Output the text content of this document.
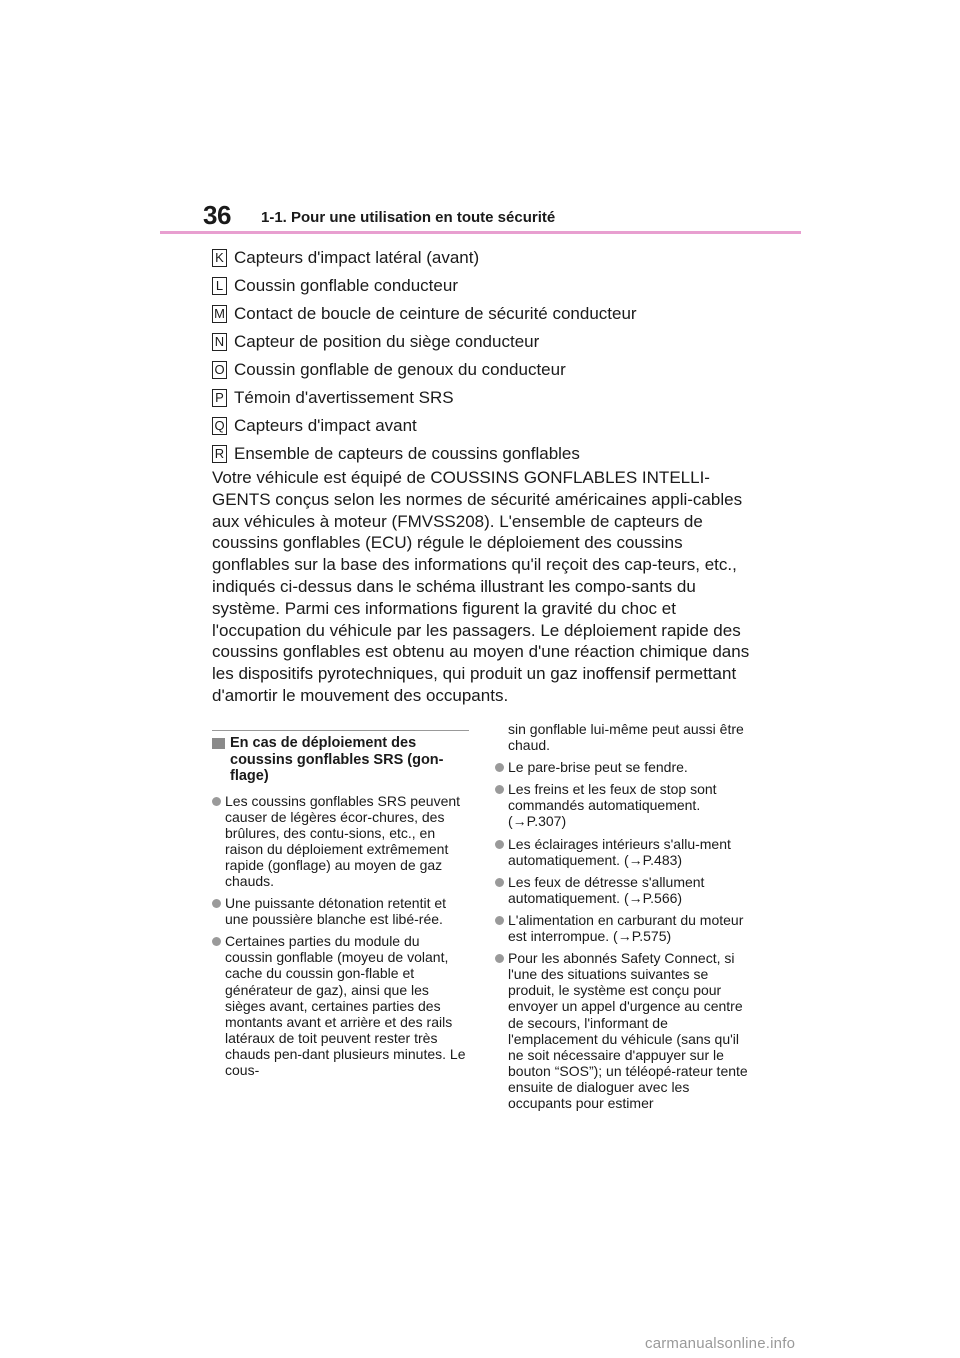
36 1-1. Pour une utilisation en toute sécurité
K Capteurs d'impact latéral (avant)
L Coussin gonflable conducteur
M Contact de boucle de ceinture de sécurité conducteur
N Capteur de position du siège conducteur
O Coussin gonflable de genoux du conducteur
P Témoin d'avertissement SRS
Q Capteurs d'impact avant
R Ensemble de capteurs de coussins gonflables

Votre véhicule est équipé de COUSSINS GONFLABLES INTELLI-GENTS conçus selon les normes de sécurité américaines appli-cables aux véhicules à moteur (FMVSS208). L'ensemble de capteurs de coussins gonflables (ECU) régule le déploiement des coussins gonflables sur la base des informations qu'il reçoit des cap-teurs, etc., indiqués ci-dessus dans le schéma illustrant les compo-sants du système. Parmi ces informations figurent la gravité du choc et l'occupation du véhicule par les passagers. Le déploiement rapide des coussins gonflables est obtenu au moyen d'une réaction chimique dans les dispositifs pyrotechniques, qui produit un gaz inoffensif permettant d'amortir le mouvement des occupants.

En cas de déploiement des coussins gonflables SRS (gon-flage)
Les coussins gonflables SRS peuvent causer de légères écor-chures, des brûlures, des contu-sions, etc., en raison du déploiement extrêmement rapide (gonflage) au moyen de gaz chauds.
Une puissante détonation retentit et une poussière blanche est libé-rée.
Certaines parties du module du coussin gonflable (moyeu de volant, cache du coussin gon-flable et générateur de gaz), ainsi que les sièges avant, certaines parties des montants avant et arrière et des rails latéraux de toit peuvent rester très chauds pen-dant plusieurs minutes. Le cous-
sin gonflable lui-même peut aussi être chaud.
Le pare-brise peut se fendre.
Les freins et les feux de stop sont commandés automatiquement. (→P.307)
Les éclairages intérieurs s'allu-ment automatiquement. (→P.483)
Les feux de détresse s'allument automatiquement. (→P.566)
L'alimentation en carburant du moteur est interrompue. (→P.575)
Pour les abonnés Safety Connect, si l'une des situations suivantes se produit, le système est conçu pour envoyer un appel d'urgence au centre de secours, l'informant de l'emplacement du véhicule (sans qu'il ne soit nécessaire d'appuyer sur le bouton “SOS”); un téléopé-rateur tente ensuite de dialoguer avec les occupants pour estimer
carmanualsonline.info
